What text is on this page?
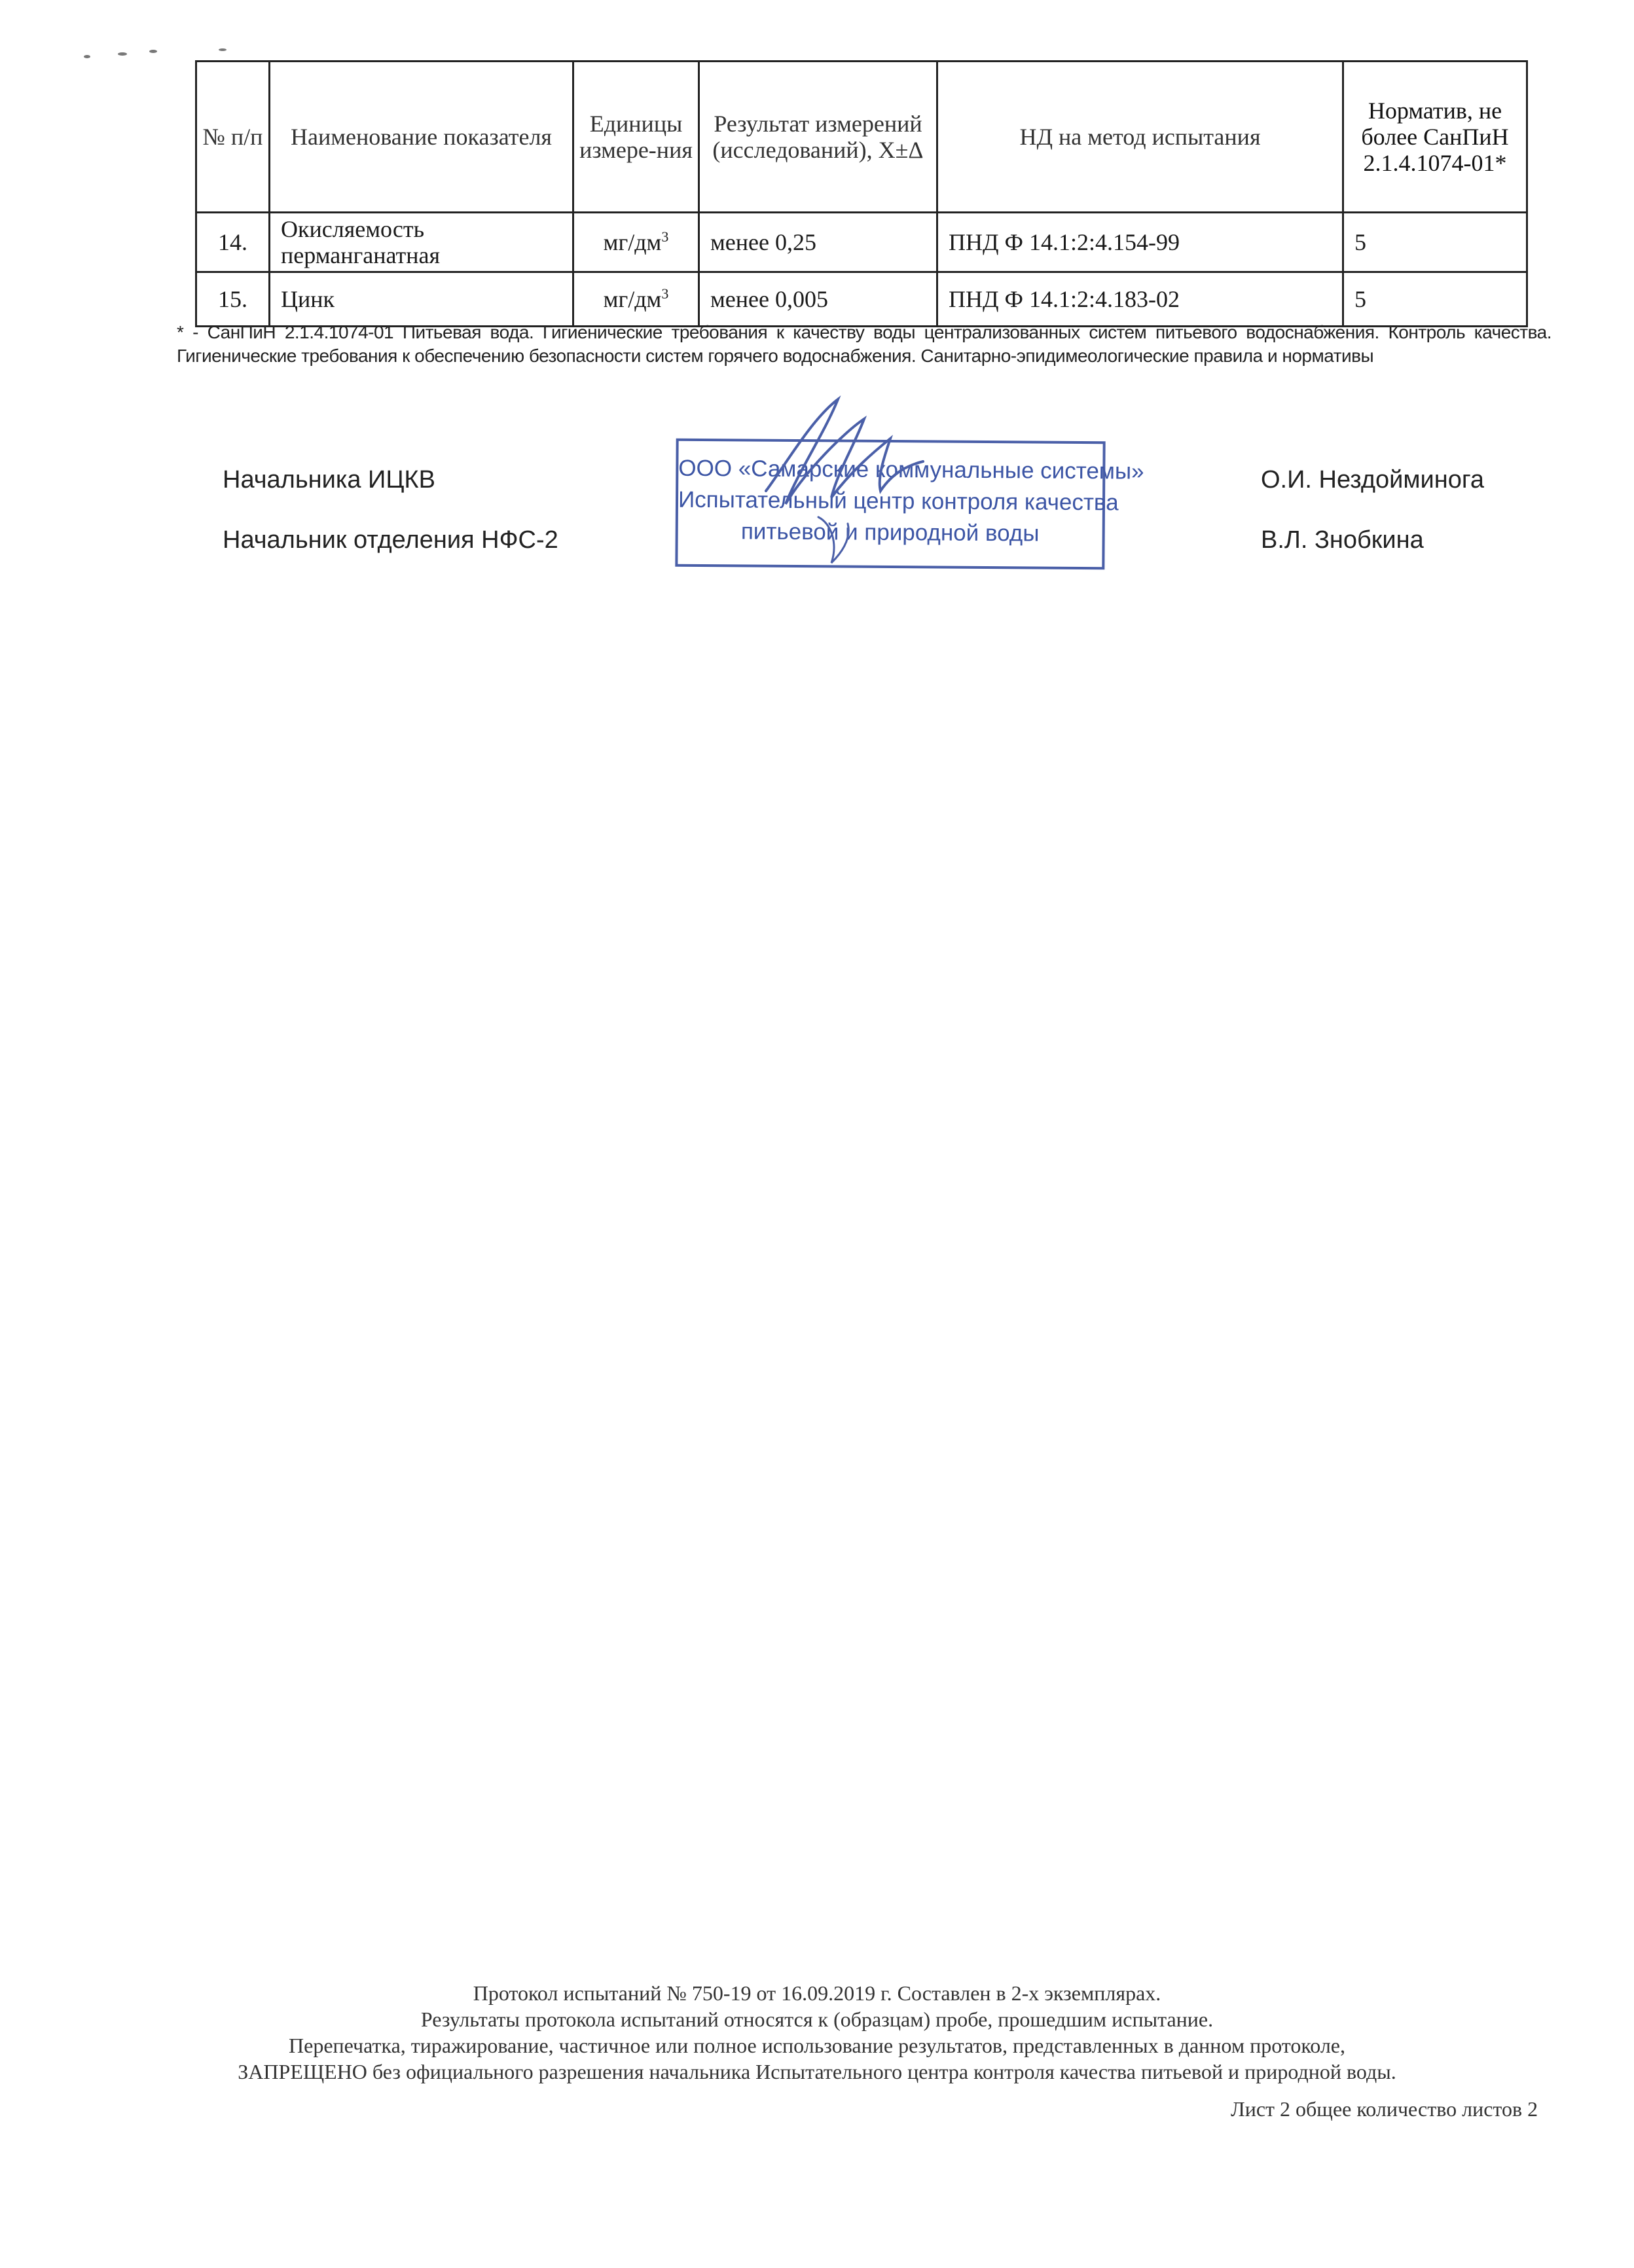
№ п/п	Наименование показателя	Единицы измере-ния	Результат измерений (исследований), X±Δ	НД на метод испытания	Норматив, не более СанПиН 2.1.4.1074-01*
14.	Окисляемость перманганатная	$мг/дм^3$	менее 0,25	ПНД Ф 14.1:2:4.154-99	5
15.	Цинк	$мг/дм^3$	менее 0,005	ПНД Ф 14.1:2:4.183-02	5
* - СанПиН 2.1.4.1074-01 Питьевая вода. Гигиенические требования к качеству воды централизованных систем питьевого водоснабжения. Контроль качества.
Гигиенические требования к обеспечению безопасности систем горячего водоснабжения. Санитарно-эпидимеологические правила и нормативы
Начальника ИЦКВ
Начальник отделения НФС-2
О.И. Нездойминога
В.Л. Знобкина
ООО «Самарские коммунальные системы»
Испытательный центр контроля качества
питьевой и природной воды
Протокол испытаний № 750-19 от 16.09.2019 г. Составлен в 2-х экземплярах.
Результаты протокола испытаний относятся к (образцам) пробе, прошедшим испытание.
Перепечатка, тиражирование, частичное или полное использование результатов, представленных в данном протоколе,
ЗАПРЕЩЕНО без официального разрешения начальника Испытательного центра контроля качества питьевой и природной воды.
Лист 2 общее количество листов 2
